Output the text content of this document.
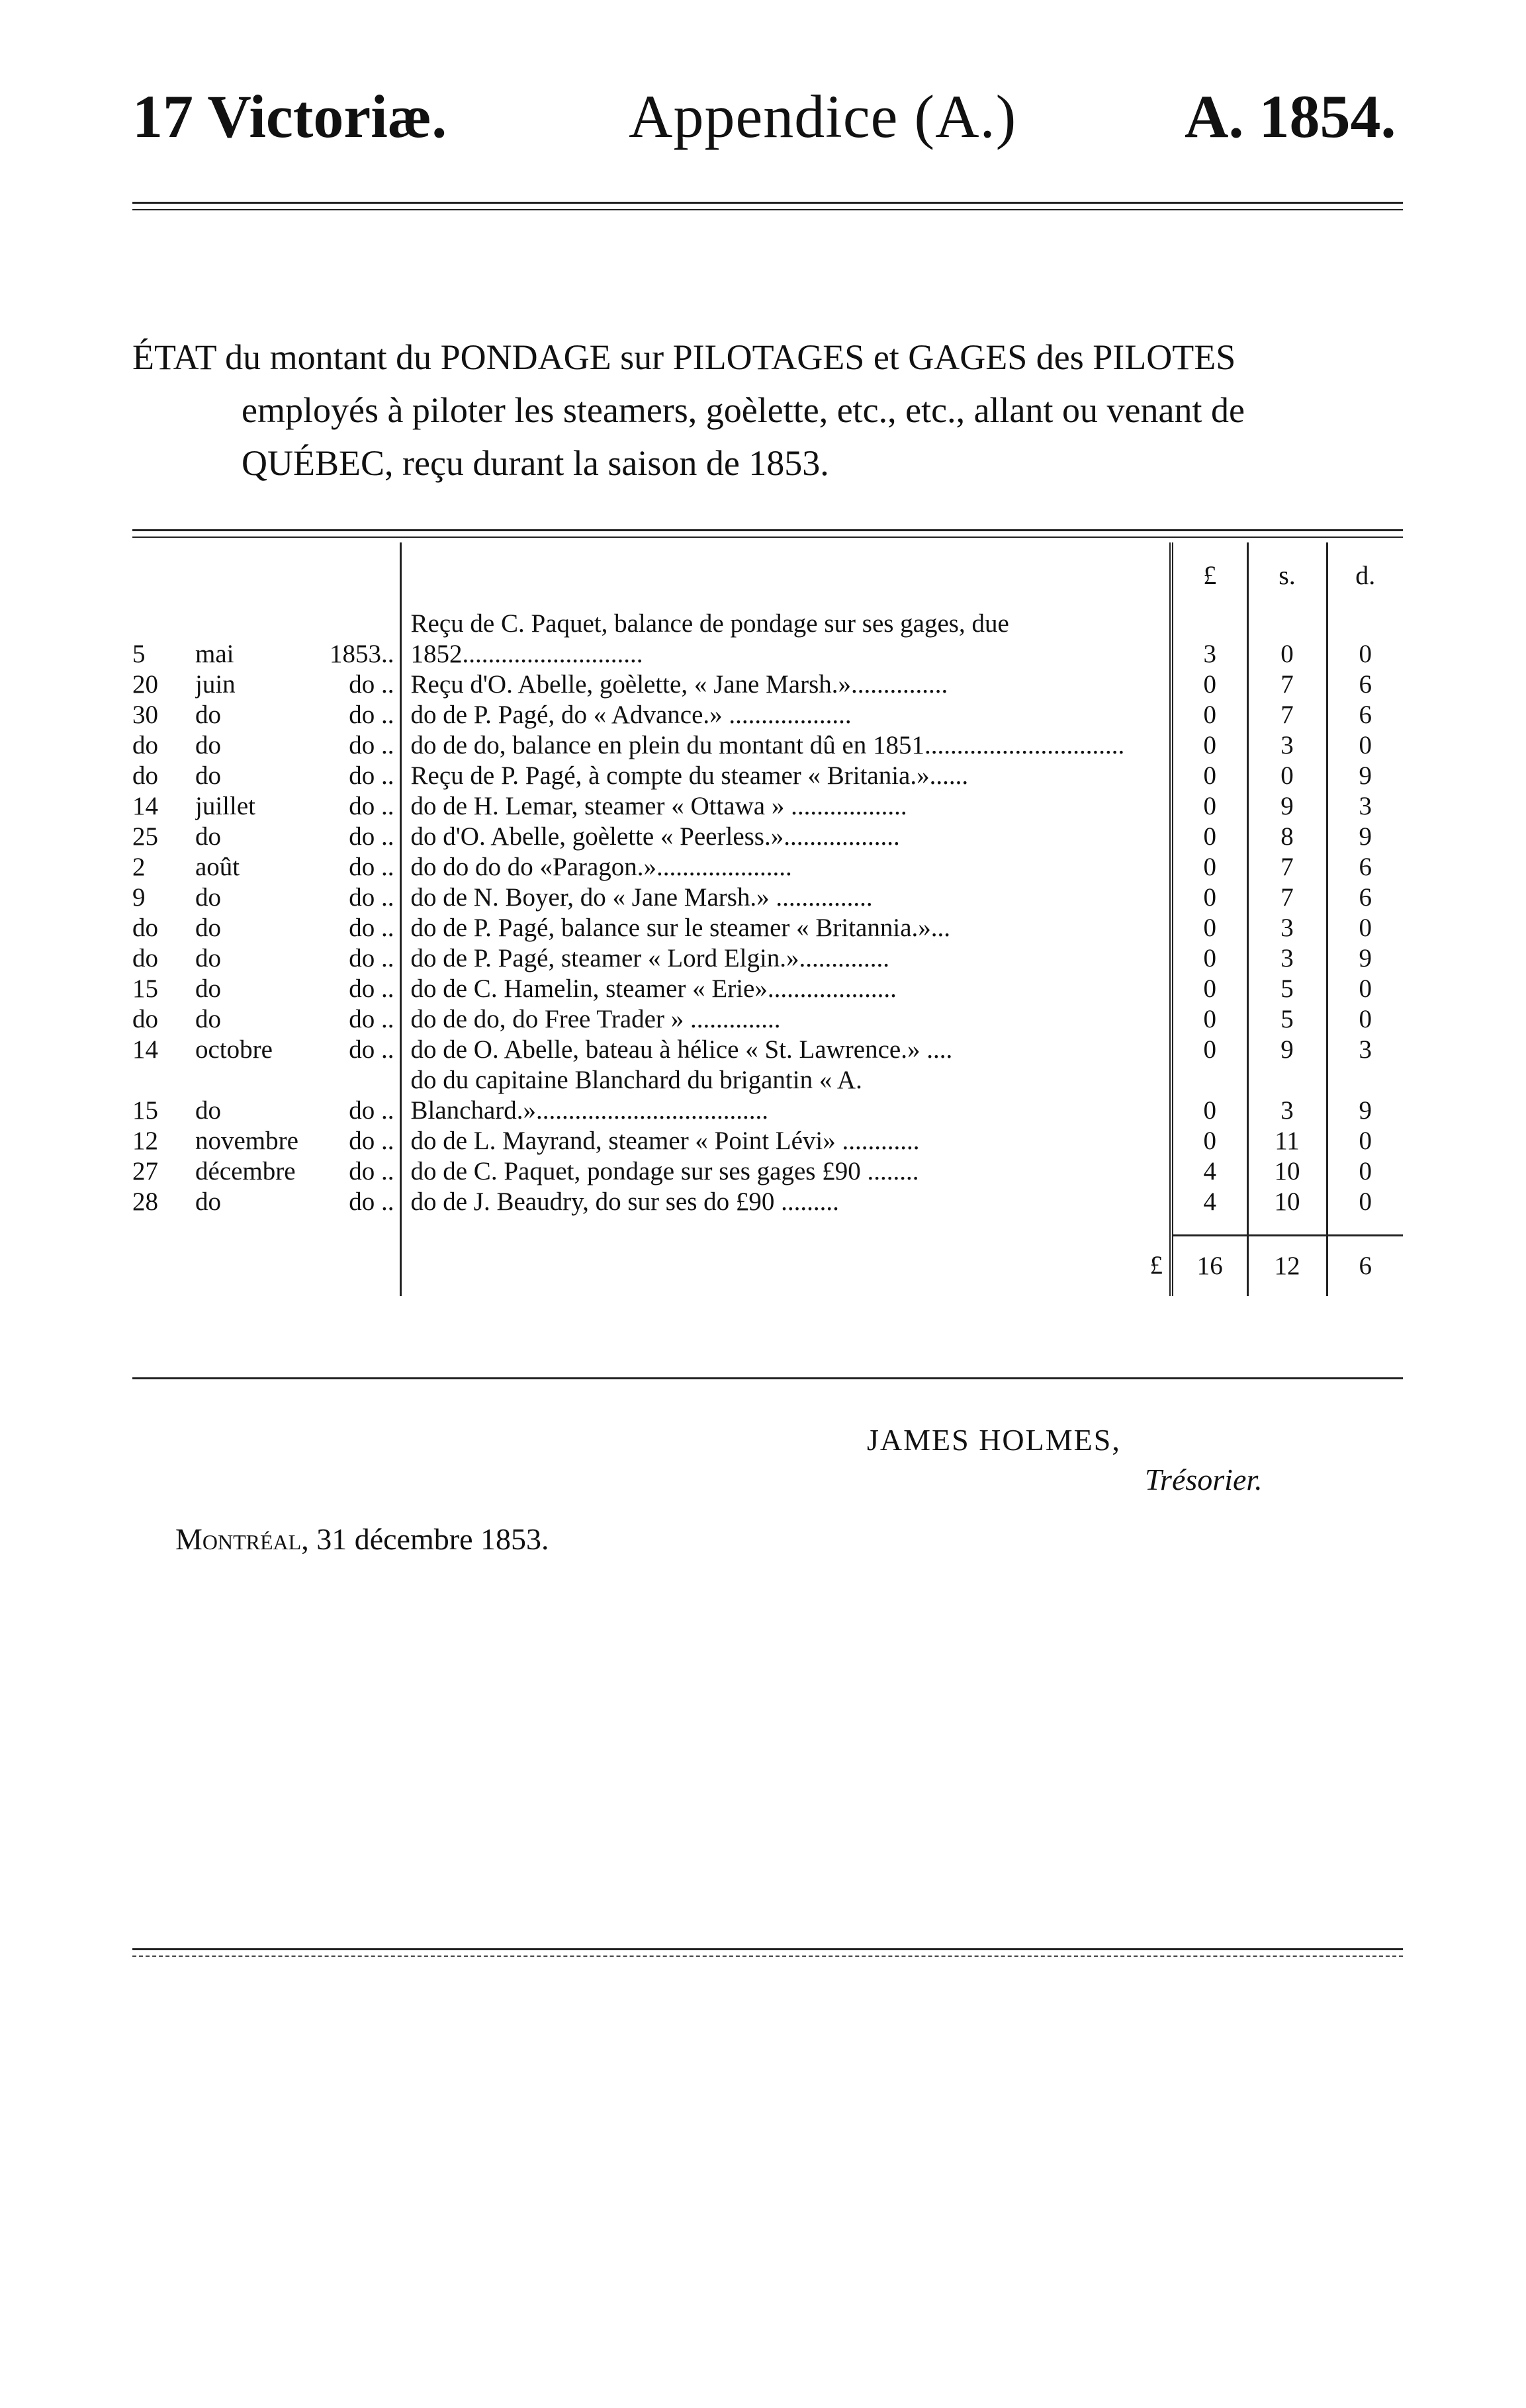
17 Victoriæ.	Appendice (A.)	A. 1854.
ÉTAT du montant du PONDAGE sur PILOTAGES et GAGES des PILOTES
employés à piloter les steamers, goèlette, etc., etc., allant ou venant de
QUÉBEC, reçu durant la saison de 1853.
				£	s.	d.
5	mai	1853..	Reçu de C. Paquet, balance de pondage sur ses gages, due 1852............................	3	0	0
20	juin	do ..	Reçu d'O. Abelle, goèlette, « Jane Marsh.»...............	0	7	6
30	do	do ..	do de P. Pagé, do « Advance.» ...................	0	7	6
do	do	do ..	do de do, balance en plein du montant dû en 1851...............................	0	3	0
do	do	do ..	Reçu de P. Pagé, à compte du steamer « Britania.»......	0	0	9
14	juillet	do ..	do de H. Lemar, steamer « Ottawa » ..................	0	9	3
25	do	do ..	do d'O. Abelle, goèlette « Peerless.»..................	0	8	9
2	août	do ..	do do do do «Paragon.».....................	0	7	6
9	do	do ..	do de N. Boyer, do « Jane Marsh.» ...............	0	7	6
do	do	do ..	do de P. Pagé, balance sur le steamer « Britannia.»...	0	3	0
do	do	do ..	do de P. Pagé, steamer « Lord Elgin.»..............	0	3	9
15	do	do ..	do de C. Hamelin, steamer « Erie»....................	0	5	0
do	do	do ..	do de do, do Free Trader » ..............	0	5	0
14	octobre	do ..	do de O. Abelle, bateau à hélice « St. Lawrence.» ....	0	9	3
15	do	do ..	do du capitaine Blanchard du brigantin « A. Blanchard.»....................................	0	3	9
12	novembre	do ..	do de L. Mayrand, steamer « Point Lévi» ............	0	11	0
27	décembre	do ..	do de C. Paquet, pondage sur ses gages £90 ........	4	10	0
28	do	do ..	do de J. Beaudry, do sur ses do £90 .........	4	10	0

			£	16	12	6
JAMES HOLMES,
Trésorier.
Montréal, 31 décembre 1853.
